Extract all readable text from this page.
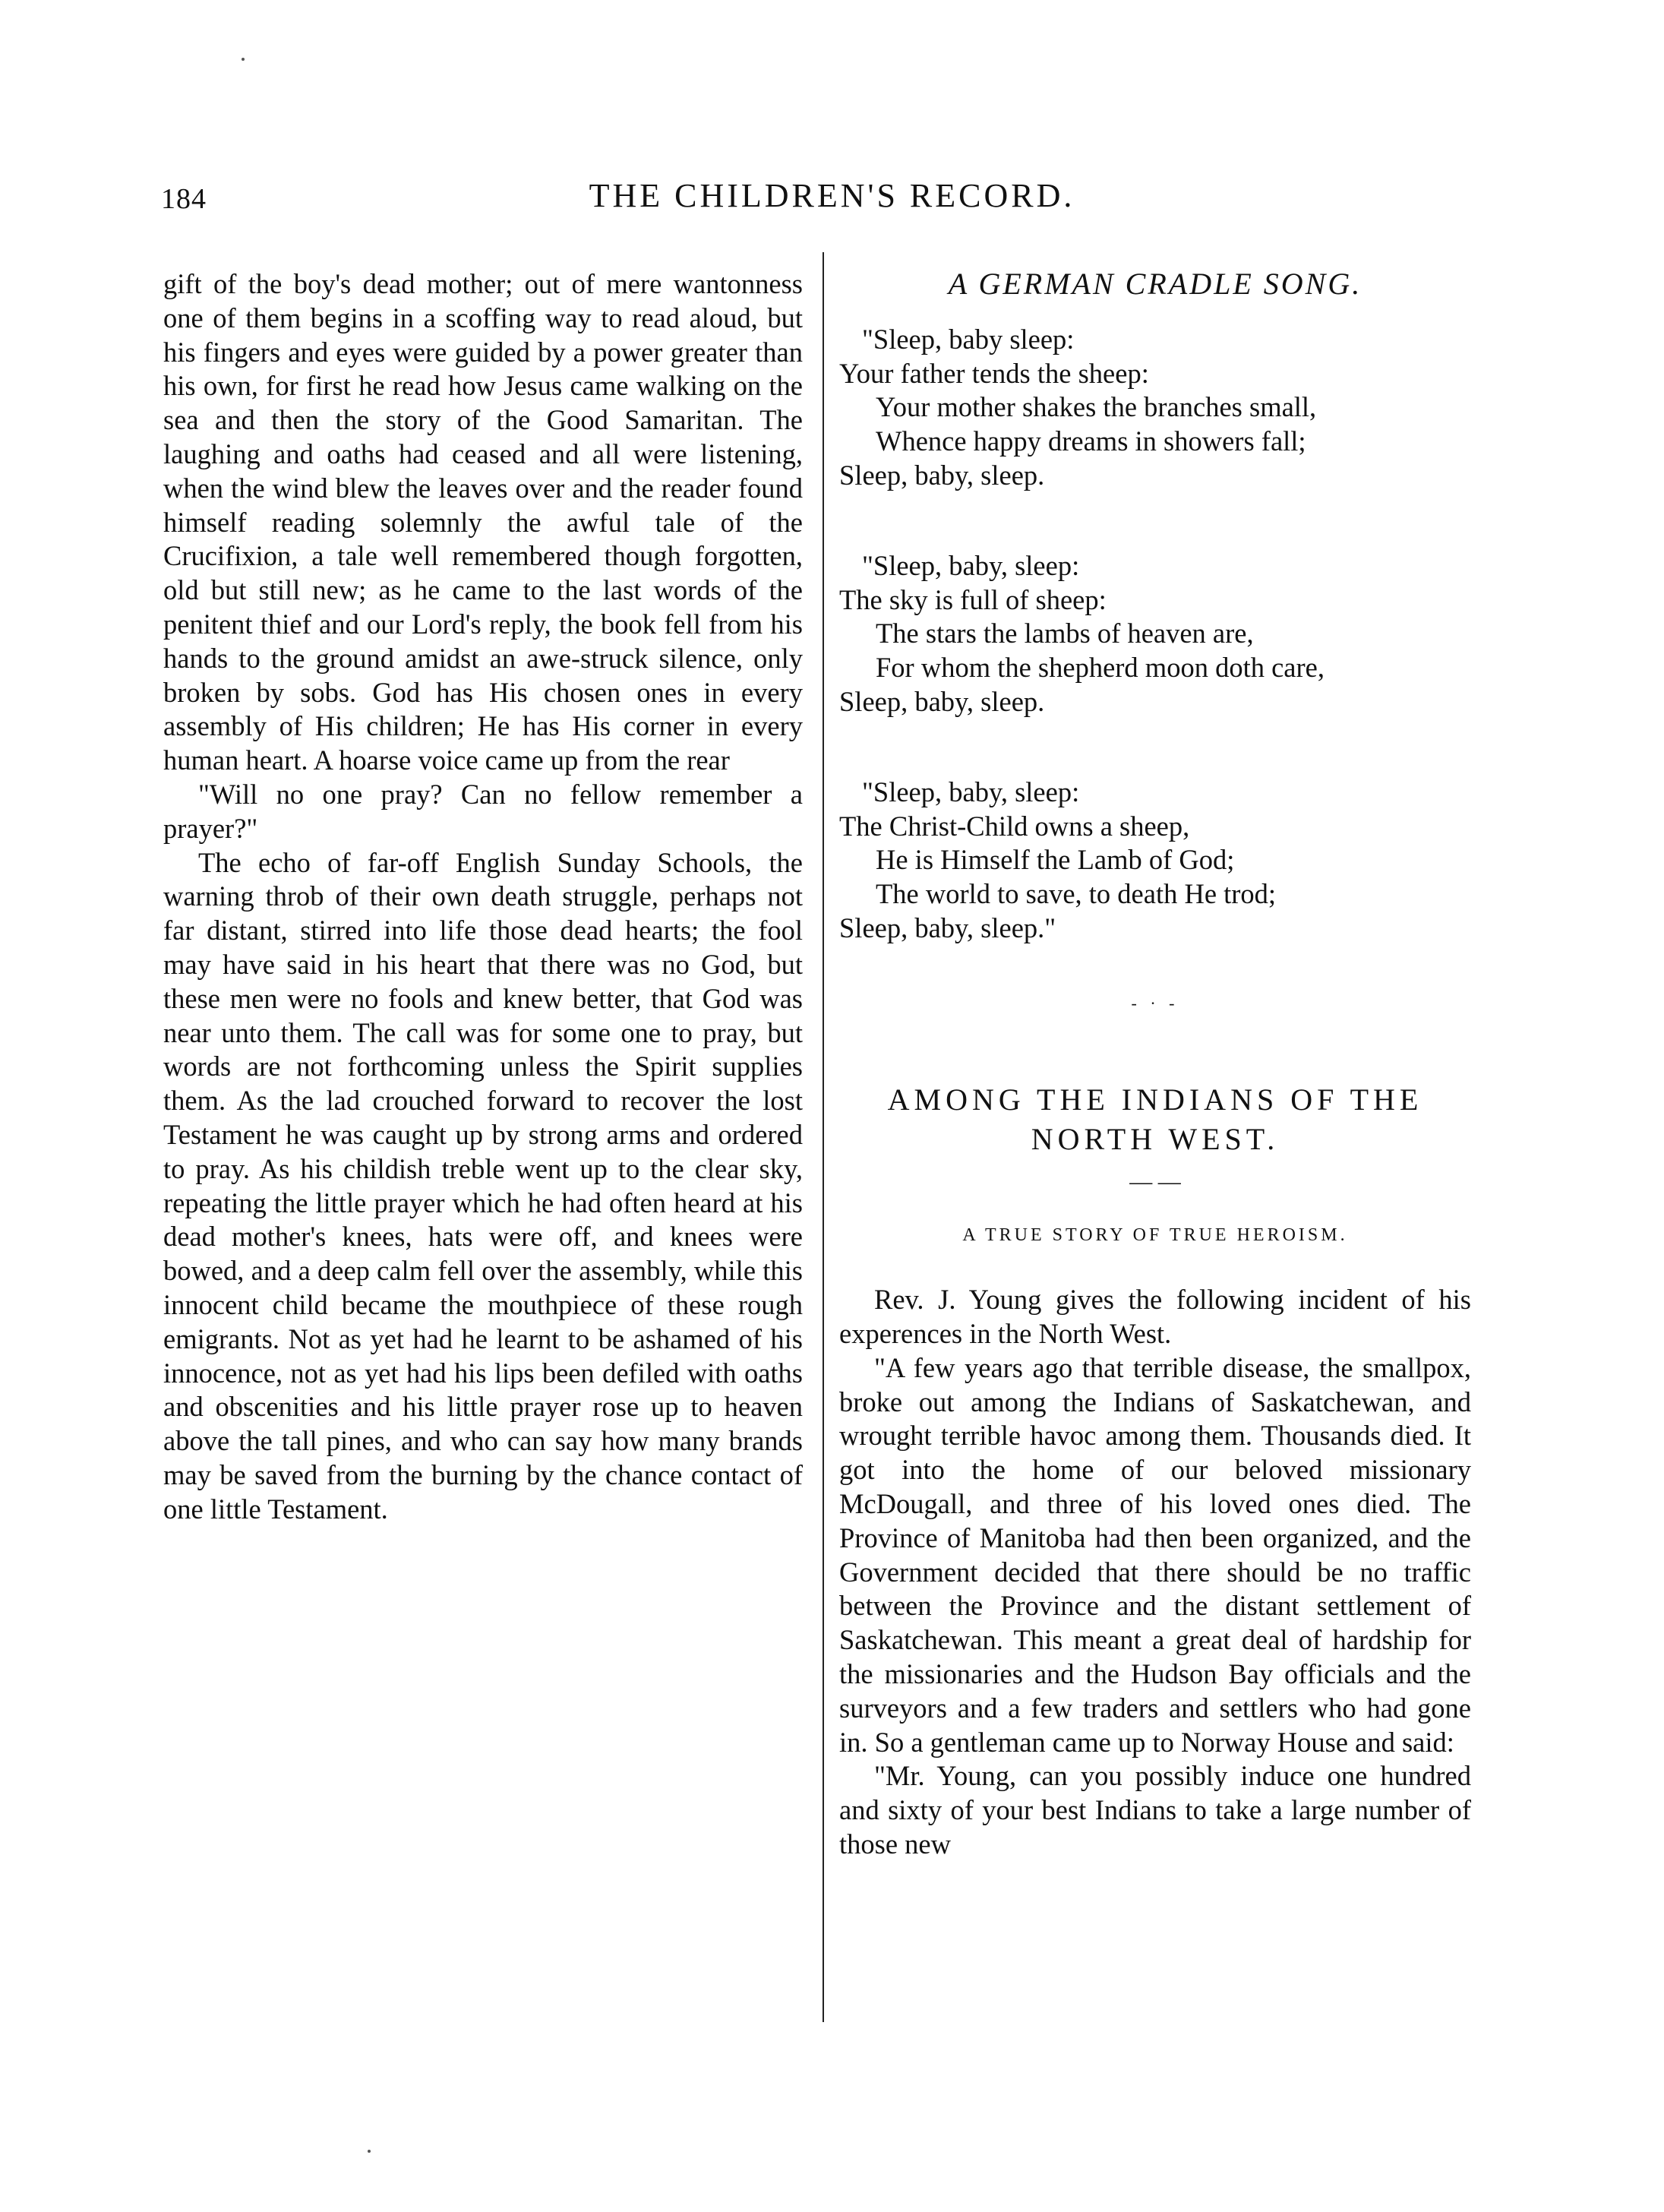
184	THE CHILDREN'S RECORD.

gift of the boy's dead mother; out of mere wantonness one of them begins in a scoffing way to read aloud, but his fingers and eyes were guided by a power greater than his own, for first he read how Jesus came walking on the sea and then the story of the Good Samaritan. The laughing and oaths had ceased and all were listening, when the wind blew the leaves over and the reader found himself reading solemnly the awful tale of the Crucifixion, a tale well remembered though forgotten, old but still new; as he came to the last words of the penitent thief and our Lord's reply, the book fell from his hands to the ground amidst an awe-struck silence, only broken by sobs. God has His chosen ones in every assembly of His children; He has His corner in every human heart. A hoarse voice came up from the rear

"Will no one pray? Can no fellow remember a prayer?"

The echo of far-off English Sunday Schools, the warning throb of their own death struggle, perhaps not far distant, stirred into life those dead hearts; the fool may have said in his heart that there was no God, but these men were no fools and knew better, that God was near unto them. The call was for some one to pray, but words are not forthcoming unless the Spirit supplies them. As the lad crouched forward to recover the lost Testament he was caught up by strong arms and ordered to pray. As his childish treble went up to the clear sky, repeating the little prayer which he had often heard at his dead mother's knees, hats were off, and knees were bowed, and a deep calm fell over the assembly, while this innocent child became the mouthpiece of these rough emigrants. Not as yet had he learnt to be ashamed of his innocence, not as yet had his lips been defiled with oaths and obscenities and his little prayer rose up to heaven above the tall pines, and who can say how many brands may be saved from the burning by the chance contact of one little Testament.

A GERMAN CRADLE SONG.
"Sleep, baby sleep:
Your father tends the sheep:
Your mother shakes the branches small,
Whence happy dreams in showers fall;
Sleep, baby, sleep.
"Sleep, baby, sleep:
The sky is full of sheep:
The stars the lambs of heaven are,
For whom the shepherd moon doth care,
Sleep, baby, sleep.
"Sleep, baby, sleep:
The Christ-Child owns a sheep,
He is Himself the Lamb of God;
The world to save, to death He trod;
Sleep, baby, sleep."
- · -
AMONG THE INDIANS OF THE
NORTH WEST.
— —
A TRUE STORY OF TRUE HEROISM.

Rev. J. Young gives the following incident of his experences in the North West.

"A few years ago that terrible disease, the smallpox, broke out among the Indians of Saskatchewan, and wrought terrible havoc among them. Thousands died. It got into the home of our beloved missionary McDougall, and three of his loved ones died. The Province of Manitoba had then been organized, and the Government decided that there should be no traffic between the Province and the distant settlement of Saskatchewan. This meant a great deal of hardship for the missionaries and the Hudson Bay officials and the surveyors and a few traders and settlers who had gone in. So a gentleman came up to Norway House and said:

"Mr. Young, can you possibly induce one hundred and sixty of your best Indians to take a large number of those new
